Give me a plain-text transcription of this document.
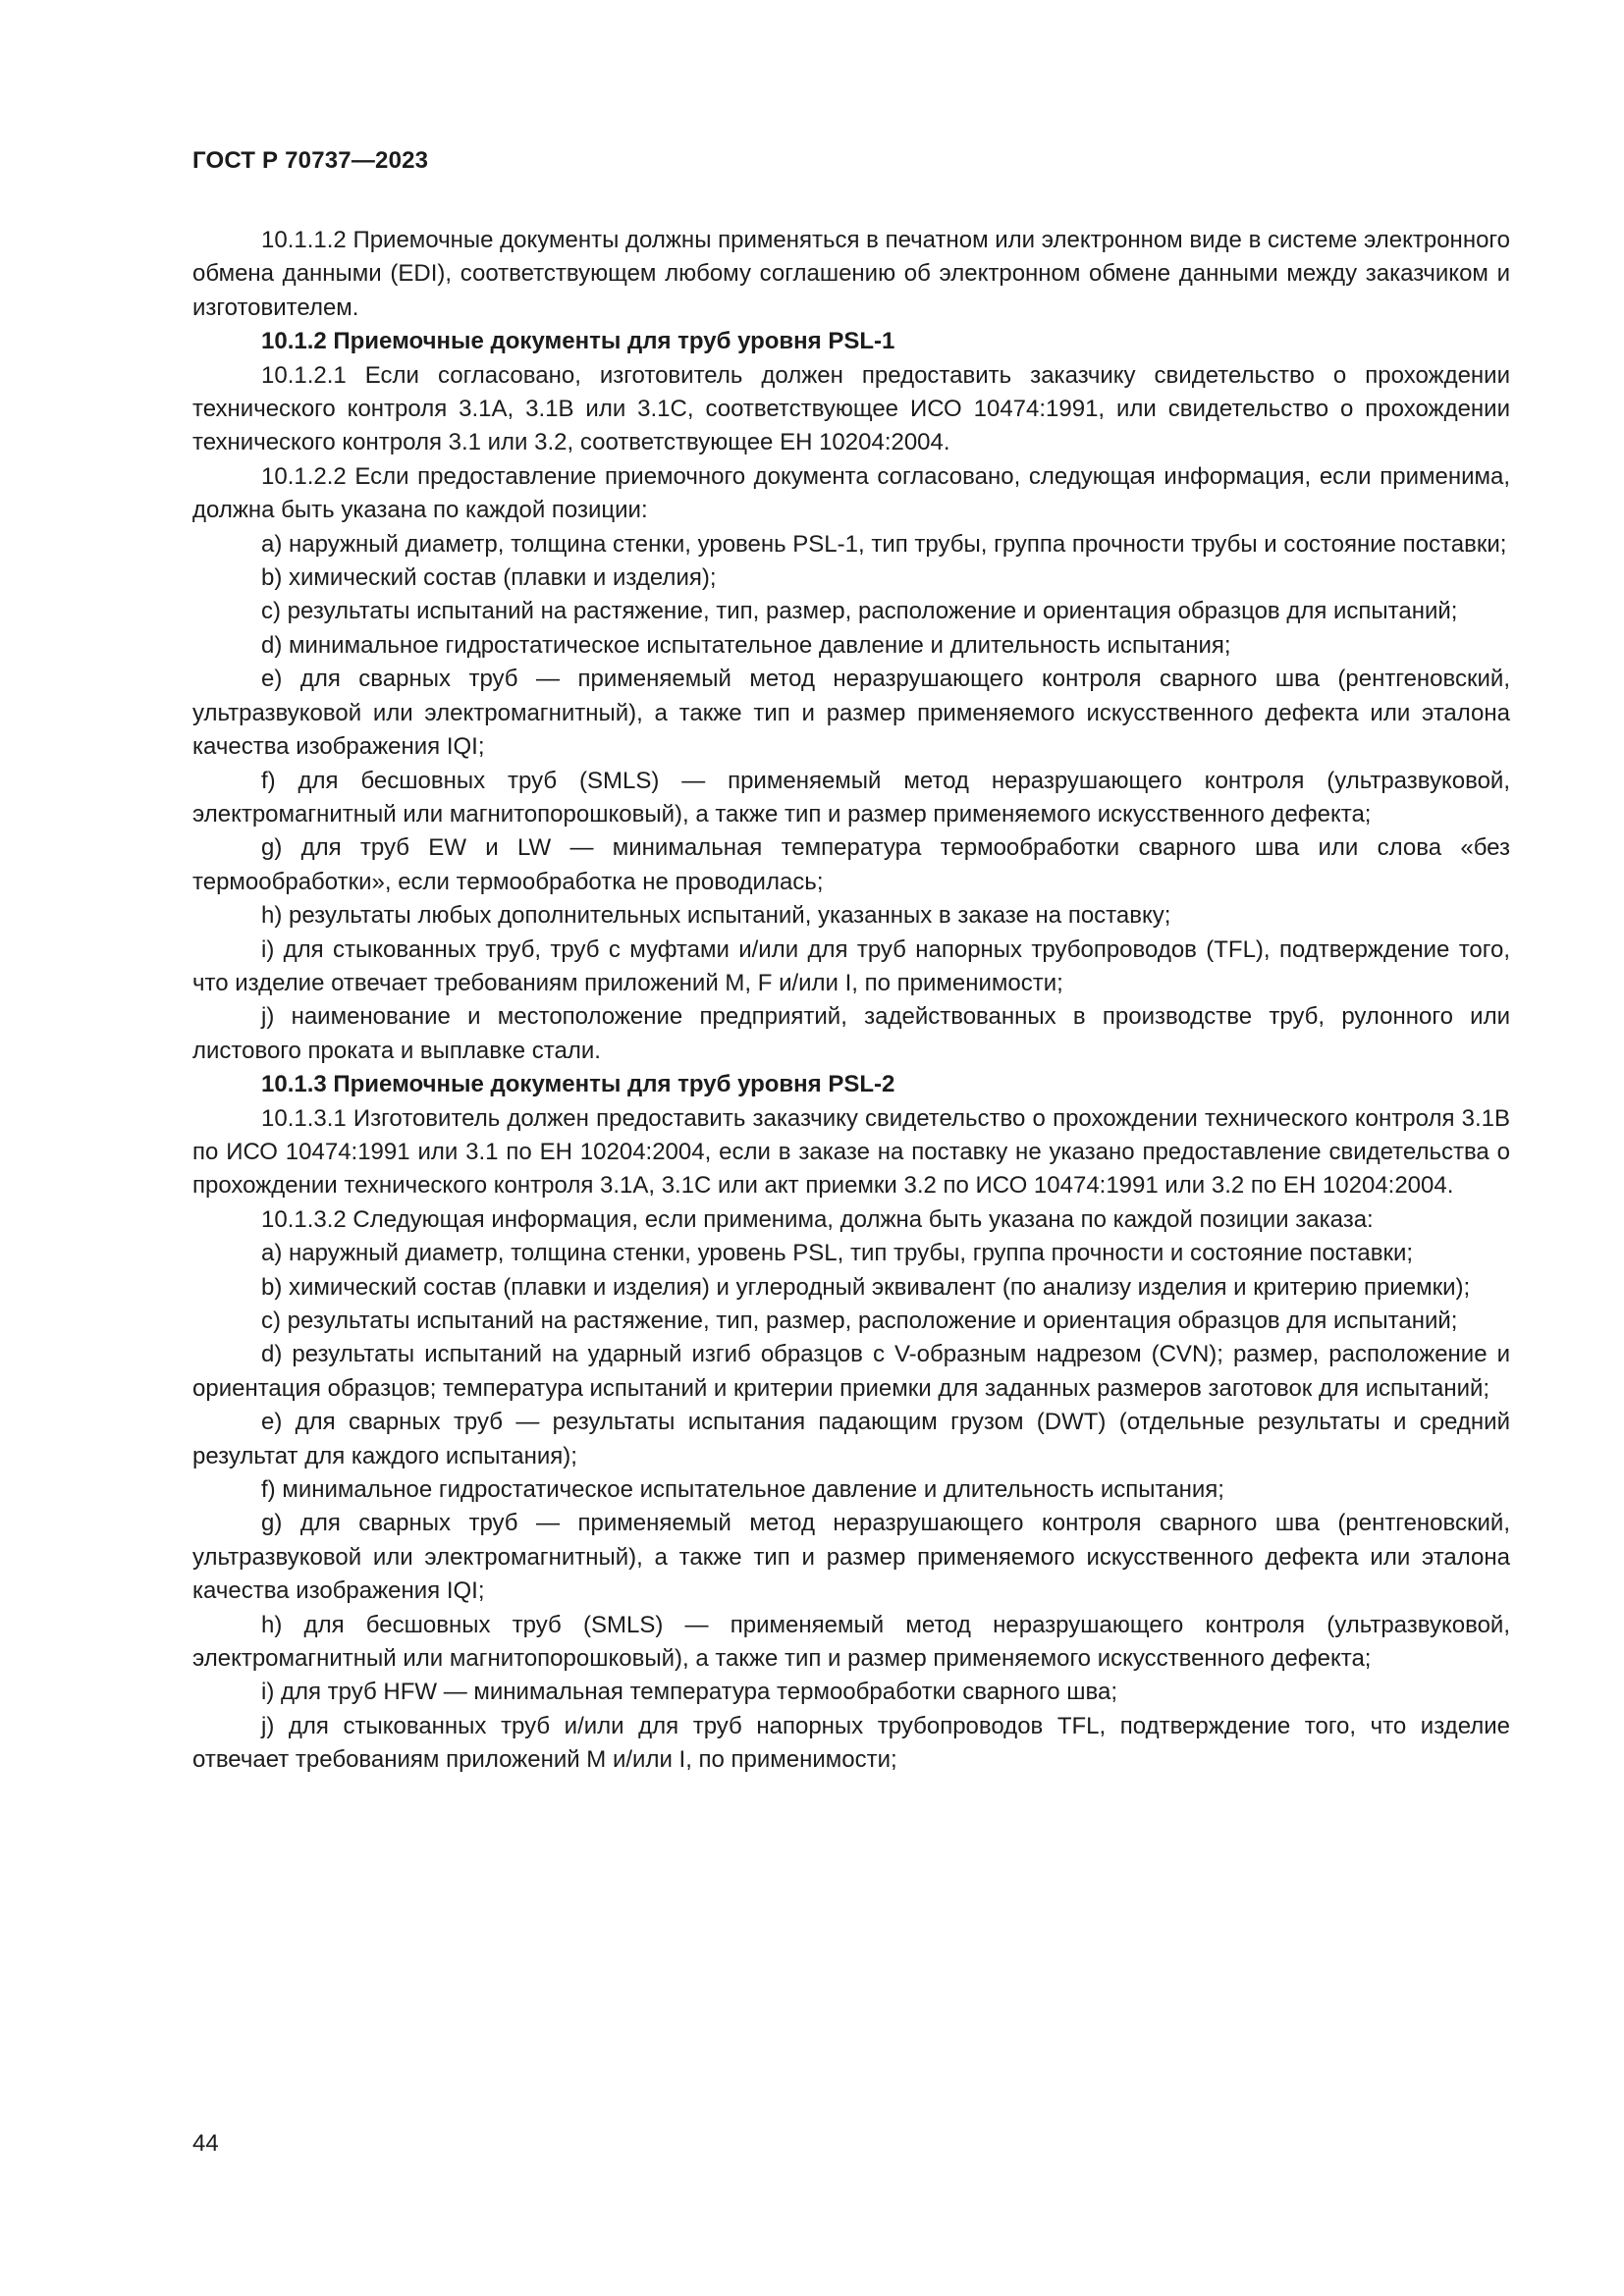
ГОСТ Р 70737—2023

10.1.1.2 Приемочные документы должны применяться в печатном или электронном виде в системе электронного обмена данными (EDI), соответствующем любому соглашению об электронном обмене данными между заказчиком и изготовителем.

10.1.2 Приемочные документы для труб уровня PSL-1

10.1.2.1 Если согласовано, изготовитель должен предоставить заказчику свидетельство о прохождении технического контроля 3.1А, 3.1В или 3.1С, соответствующее ИСО 10474:1991, или свидетельство о прохождении технического контроля 3.1 или 3.2, соответствующее ЕН 10204:2004.

10.1.2.2 Если предоставление приемочного документа согласовано, следующая информация, если применима, должна быть указана по каждой позиции:

a) наружный диаметр, толщина стенки, уровень PSL-1, тип трубы, группа прочности трубы и состояние поставки;

b) химический состав (плавки и изделия);

c) результаты испытаний на растяжение, тип, размер, расположение и ориентация образцов для испытаний;

d) минимальное гидростатическое испытательное давление и длительность испытания;

e) для сварных труб — применяемый метод неразрушающего контроля сварного шва (рентгеновский, ультразвуковой или электромагнитный), а также тип и размер применяемого искусственного дефекта или эталона качества изображения IQI;

f) для бесшовных труб (SMLS) — применяемый метод неразрушающего контроля (ультразвуковой, электромагнитный или магнитопорошковый), а также тип и размер применяемого искусственного дефекта;

g) для труб EW и LW — минимальная температура термообработки сварного шва или слова «без термообработки», если термообработка не проводилась;

h) результаты любых дополнительных испытаний, указанных в заказе на поставку;

i) для стыкованных труб, труб с муфтами и/или для труб напорных трубопроводов (TFL), подтверждение того, что изделие отвечает требованиям приложений М, F и/или I, по применимости;

j) наименование и местоположение предприятий, задействованных в производстве труб, рулонного или листового проката и выплавке стали.

10.1.3 Приемочные документы для труб уровня PSL-2

10.1.3.1 Изготовитель должен предоставить заказчику свидетельство о прохождении технического контроля 3.1В по ИСО 10474:1991 или 3.1 по ЕН 10204:2004, если в заказе на поставку не указано предоставление свидетельства о прохождении технического контроля 3.1А, 3.1С или акт приемки 3.2 по ИСО 10474:1991 или 3.2 по ЕН 10204:2004.

10.1.3.2 Следующая информация, если применима, должна быть указана по каждой позиции заказа:

a) наружный диаметр, толщина стенки, уровень PSL, тип трубы, группа прочности и состояние поставки;

b) химический состав (плавки и изделия) и углеродный эквивалент (по анализу изделия и критерию приемки);

c) результаты испытаний на растяжение, тип, размер, расположение и ориентация образцов для испытаний;

d) результаты испытаний на ударный изгиб образцов с V-образным надрезом (CVN); размер, расположение и ориентация образцов; температура испытаний и критерии приемки для заданных размеров заготовок для испытаний;

e) для сварных труб — результаты испытания падающим грузом (DWT) (отдельные результаты и средний результат для каждого испытания);

f) минимальное гидростатическое испытательное давление и длительность испытания;

g) для сварных труб — применяемый метод неразрушающего контроля сварного шва (рентгеновский, ультразвуковой или электромагнитный), а также тип и размер применяемого искусственного дефекта или эталона качества изображения IQI;

h) для бесшовных труб (SMLS) — применяемый метод неразрушающего контроля (ультразвуковой, электромагнитный или магнитопорошковый), а также тип и размер применяемого искусственного дефекта;

i) для труб HFW — минимальная температура термообработки сварного шва;

j) для стыкованных труб и/или для труб напорных трубопроводов TFL, подтверждение того, что изделие отвечает требованиям приложений М и/или I, по применимости;

44
